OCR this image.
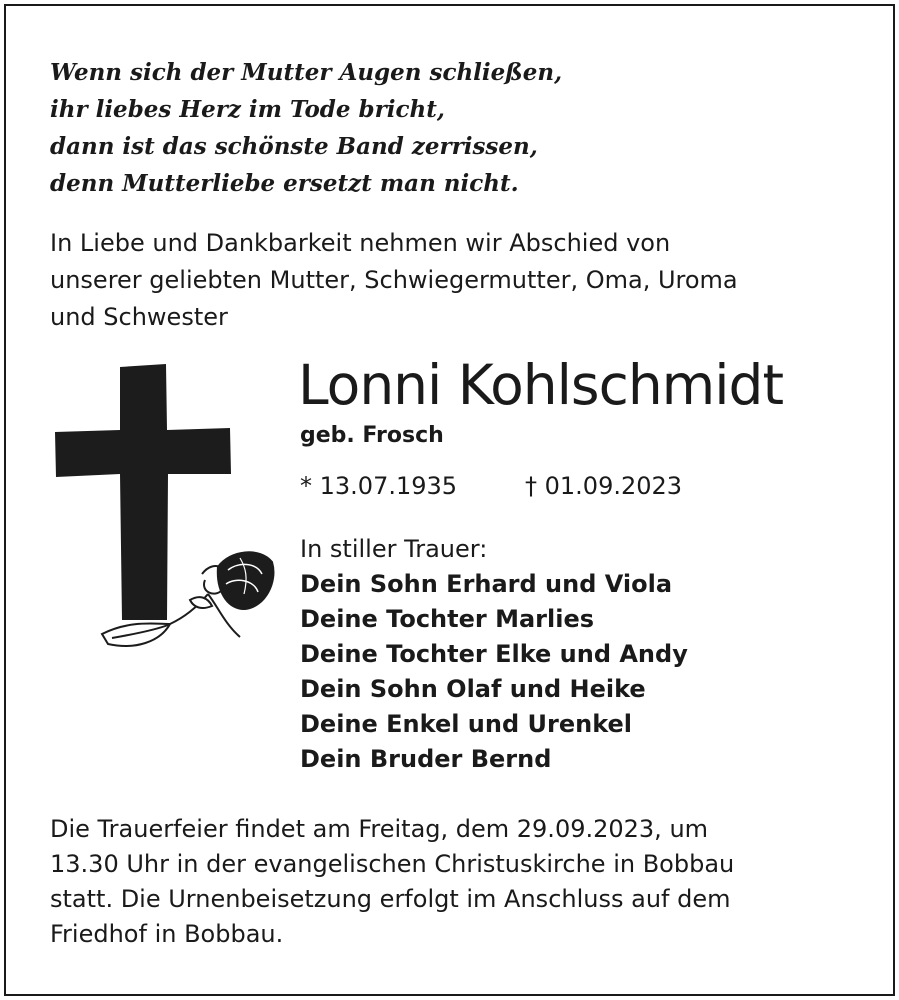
Wenn sich der Mutter Augen schließen,
ihr liebes Herz im Tode bricht,
dann ist das schönste Band zerrissen,
denn Mutterliebe ersetzt man nicht.
In Liebe und Dankbarkeit nehmen wir Abschied von
unserer geliebten Mutter, Schwiegermutter, Oma, Uroma
und Schwester
Lonni Kohlschmidt
geb. Frosch
* 13.07.1935	† 01.09.2023
In stiller Trauer:
Dein Sohn Erhard und Viola
Deine Tochter Marlies
Deine Tochter Elke und Andy
Dein Sohn Olaf und Heike
Deine Enkel und Urenkel
Dein Bruder Bernd
Die Trauerfeier findet am Freitag, dem 29.09.2023, um
13.30 Uhr in der evangelischen Christuskirche in Bobbau
statt. Die Urnenbeisetzung erfolgt im Anschluss auf dem
Friedhof in Bobbau.
